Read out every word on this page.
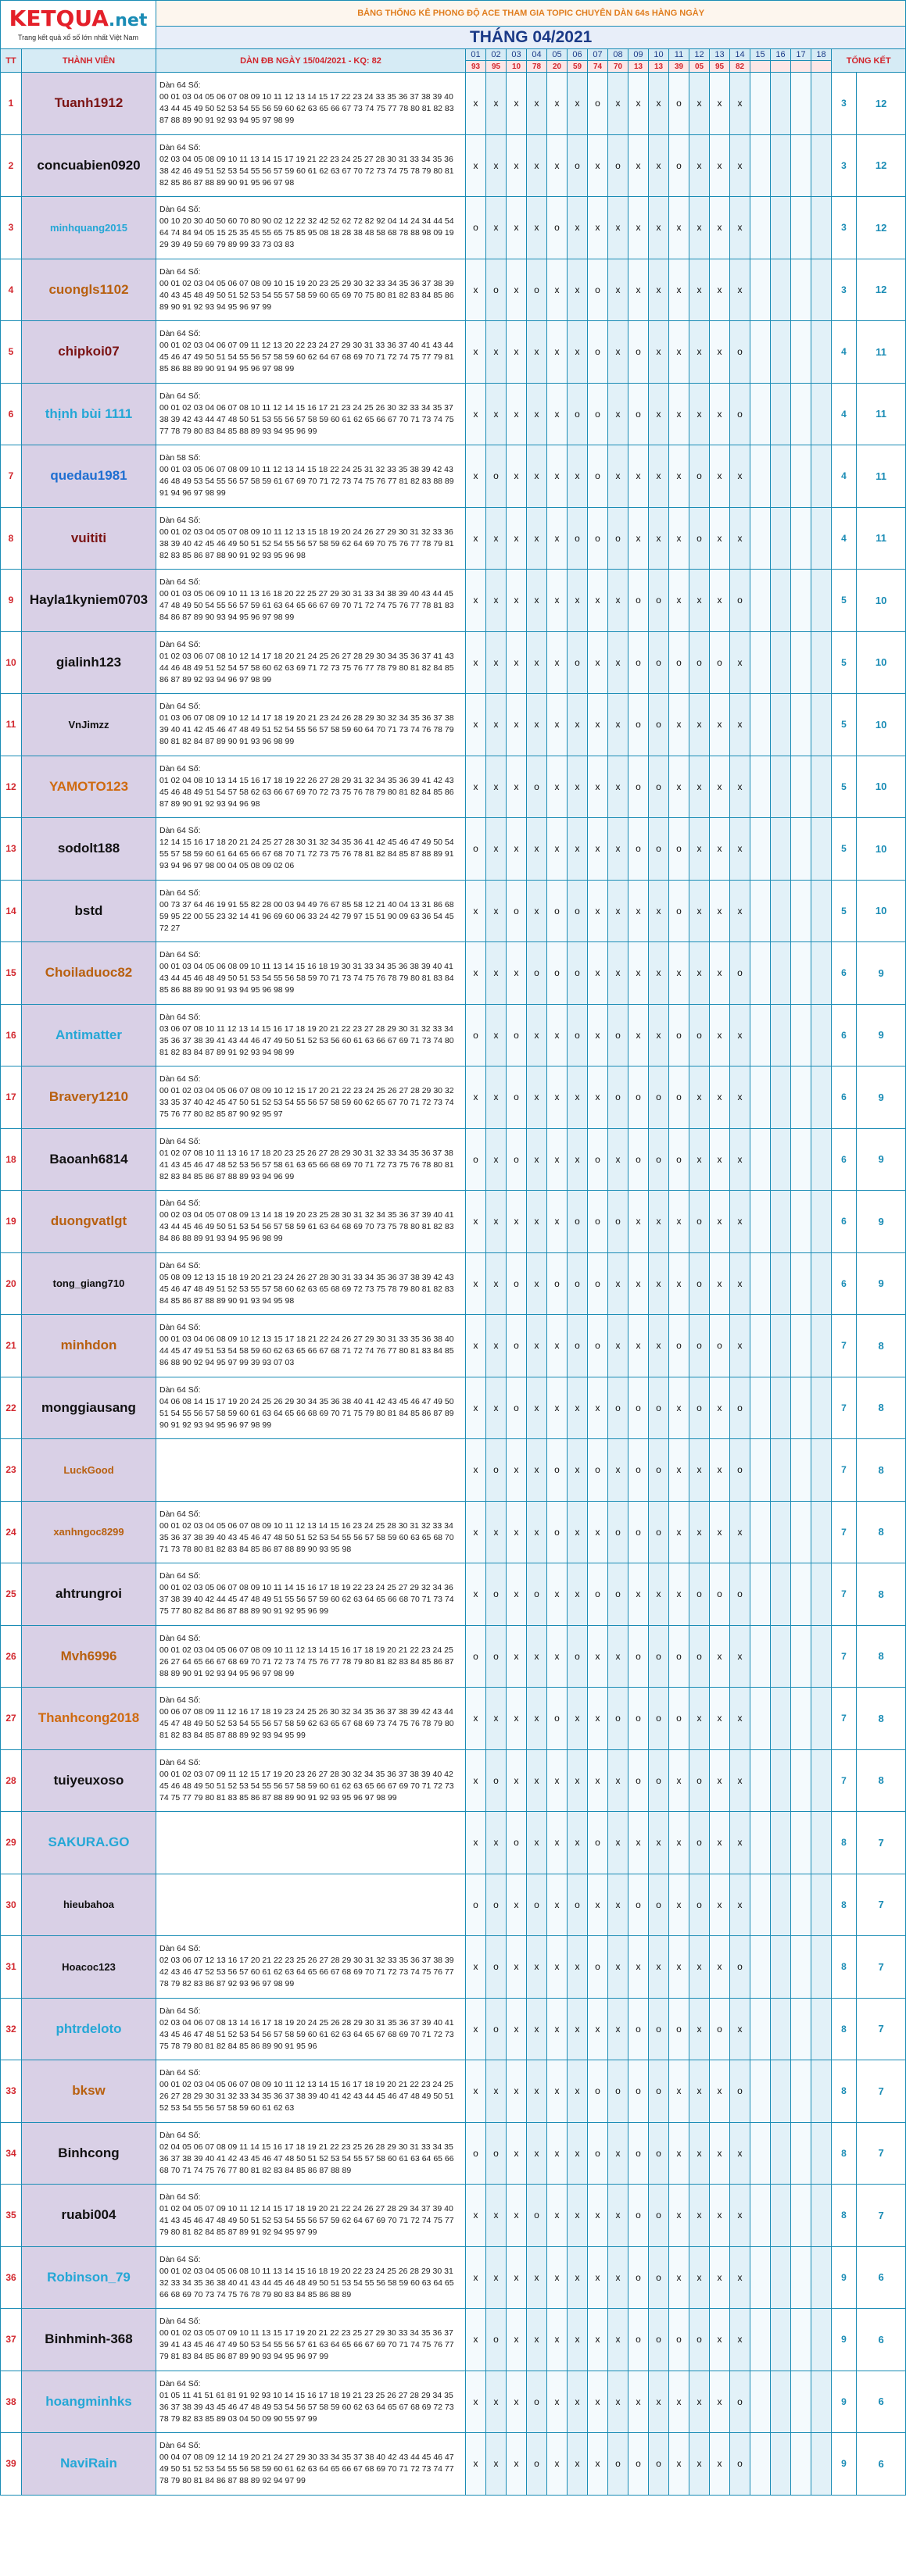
KETQUA.net
Trang kết quả xổ số lớn nhất Việt Nam		BẢNG THỐNG KÊ PHONG ĐỘ ACE THAM GIA TOPIC CHUYÊN DÀN 64s HÀNG NGÀY																				
		THÁNG 04/2021																				
TT	THÀNH VIÊN	DÀN ĐB NGÀY 15/04/2021 - KQ: 82	01	02	03	04	05	06	07	08	09	10	11	12	13	14	15	16	17	18	TỔNG KẾT	
			93	95	10	78	20	59	74	70	13	13	39	05	95	82						
1	Tuanh1912	Dàn 64 Số:
00 01 03 04 05 06 07 08 09 10 11 12 13 14 15 17 22 23 24 33 35 36 37 38 39 40 43 44 45 49 50 52 53 54 55 56 59 60 62 63 65 66 67 73 74 75 77 78 80 81 82 83 87 88 89 90 91 92 93 94 95 97 98 99	x	x	x	x	x	x	o	x	x	x	o	x	x	x					3	12
2	concuabien0920	Dàn 64 Số:
02 03 04 05 08 09 10 11 13 14 15 17 19 21 22 23 24 25 27 28 30 31 33 34 35 36 38 42 46 49 51 52 53 54 55 56 57 59 60 61 62 63 67 70 72 73 74 75 78 79 80 81 82 85 86 87 88 89 90 91 95 96 97 98	x	x	x	x	x	o	x	o	x	x	o	x	x	x					3	12
3	minhquang2015	Dàn 64 Số:
00 10 20 30 40 50 60 70 80 90 02 12 22 32 42 52 62 72 82 92 04 14 24 34 44 54 64 74 84 94 05 15 25 35 45 55 65 75 85 95 08 18 28 38 48 58 68 78 88 98 09 19 29 39 49 59 69 79 89 99 33 73 03 83	o	x	x	x	o	x	x	x	x	x	x	x	x	x					3	12
4	cuongls1102	Dàn 64 Số:
00 01 02 03 04 05 06 07 08 09 10 15 19 20 23 25 29 30 32 33 34 35 36 37 38 39 40 43 45 48 49 50 51 52 53 54 55 57 58 59 60 65 69 70 75 80 81 82 83 84 85 86 89 90 91 92 93 94 95 96 97 99	x	o	x	o	x	x	o	x	x	x	x	x	x	x					3	12
5	chipkoi07	Dàn 64 Số:
00 01 02 03 04 06 07 09 11 12 13 20 22 23 24 27 29 30 31 33 36 37 40 41 43 44 45 46 47 49 50 51 54 55 56 57 58 59 60 62 64 67 68 69 70 71 72 74 75 77 79 81 85 86 88 89 90 91 94 95 96 97 98 99	x	x	x	x	x	x	o	x	o	x	x	x	x	o					4	11
6	thịnh bùi 1111	Dàn 64 Số:
00 01 02 03 04 06 07 08 10 11 12 14 15 16 17 21 23 24 25 26 30 32 33 34 35 37 38 39 42 43 44 47 48 50 51 53 55 56 57 58 59 60 61 62 65 66 67 70 71 73 74 75 77 78 79 80 83 84 85 88 89 93 94 95 96 99	x	x	x	x	x	o	o	x	o	x	x	x	x	o					4	11
7	quedau1981	Dàn 58 Số:
00 01 03 05 06 07 08 09 10 11 12 13 14 15 18 22 24 25 31 32 33 35 38 39 42 43 46 48 49 53 54 55 56 57 58 59 61 67 69 70 71 72 73 74 75 76 77 81 82 83 88 89 91 94 96 97 98 99	x	o	x	x	x	x	o	x	x	x	x	o	x	x					4	11
8	vuititi	Dàn 64 Số:
00 01 02 03 04 05 07 08 09 10 11 12 13 15 18 19 20 24 26 27 29 30 31 32 33 36 38 39 40 42 45 46 49 50 51 52 54 55 56 57 58 59 62 64 69 70 75 76 77 78 79 81 82 83 85 86 87 88 90 91 92 93 95 96 98	x	x	x	x	x	o	o	o	x	x	x	o	x	x					4	11
9	Hayla1kyniem0703	Dàn 64 Số:
00 01 03 05 06 09 10 11 13 16 18 20 22 25 27 29 30 31 33 34 38 39 40 43 44 45 47 48 49 50 54 55 56 57 59 61 63 64 65 66 67 69 70 71 72 74 75 76 77 78 81 83 84 86 87 89 90 93 94 95 96 97 98 99	x	x	x	x	x	x	x	x	o	o	x	x	x	o					5	10
10	gialinh123	Dàn 64 Số:
01 02 03 06 07 08 10 12 14 17 18 20 21 24 25 26 27 28 29 30 34 35 36 37 41 43 44 46 48 49 51 52 54 57 58 60 62 63 69 71 72 73 75 76 77 78 79 80 81 82 84 85 86 87 89 92 93 94 96 97 98 99	x	x	x	x	x	o	x	x	o	o	o	o	o	x					5	10
11	VnJimzz	Dàn 64 Số:
01 03 06 07 08 09 10 12 14 17 18 19 20 21 23 24 26 28 29 30 32 34 35 36 37 38 39 40 41 42 45 46 47 48 49 51 52 54 55 56 57 58 59 60 64 70 71 73 74 76 78 79 80 81 82 84 87 89 90 91 93 96 98 99	x	x	x	x	x	x	x	x	o	o	x	x	x	x					5	10
12	YAMOTO123	Dàn 64 Số:
01 02 04 08 10 13 14 15 16 17 18 19 22 26 27 28 29 31 32 34 35 36 39 41 42 43 45 46 48 49 51 54 57 58 62 63 66 67 69 70 72 73 75 76 78 79 80 81 82 84 85 86 87 89 90 91 92 93 94 96 98	x	x	x	o	x	x	x	x	o	o	x	x	x	x					5	10
13	sodolt188	Dàn 64 Số:
12 14 15 16 17 18 20 21 24 25 27 28 30 31 32 34 35 36 41 42 45 46 47 49 50 54 55 57 58 59 60 61 64 65 66 67 68 70 71 72 73 75 76 78 81 82 84 85 87 88 89 91 93 94 96 97 98 00 04 05 08 09 02 06	o	x	x	x	x	x	x	x	o	o	o	x	x	x					5	10
14	bstd	Dàn 64 Số:
00 73 37 64 46 19 91 55 82 28 00 03 94 49 76 67 85 58 12 21 40 04 13 31 86 68 59 95 22 00 55 23 32 14 41 96 69 60 06 33 24 42 79 97 15 51 90 09 63 36 54 45 72 27	x	x	o	x	o	o	x	x	x	x	o	x	x	x					5	10
15	Choiladuoc82	Dàn 64 Số:
00 01 03 04 05 06 08 09 10 11 13 14 15 16 18 19 30 31 33 34 35 36 38 39 40 41 43 44 45 46 48 49 50 51 53 54 55 56 58 59 70 71 73 74 75 76 78 79 80 81 83 84 85 86 88 89 90 91 93 94 95 96 98 99	x	x	x	o	o	o	x	x	x	x	x	x	x	o					6	9
16	Antimatter	Dàn 64 Số:
03 06 07 08 10 11 12 13 14 15 16 17 18 19 20 21 22 23 27 28 29 30 31 32 33 34 35 36 37 38 39 41 43 44 46 47 49 50 51 52 53 56 60 61 63 66 67 69 71 73 74 80 81 82 83 84 87 89 91 92 93 94 98 99	o	x	o	x	x	o	x	o	x	x	o	o	x	x					6	9
17	Bravery1210	Dàn 64 Số:
00 01 02 03 04 05 06 07 08 09 10 12 15 17 20 21 22 23 24 25 26 27 28 29 30 32 33 35 37 40 42 45 47 50 51 52 53 54 55 56 57 58 59 60 62 65 67 70 71 72 73 74 75 76 77 80 82 85 87 90 92 95 97	x	x	o	x	x	x	x	o	o	o	o	x	x	x					6	9
18	Baoanh6814	Dàn 64 Số:
01 02 07 08 10 11 13 16 17 18 20 23 25 26 27 28 29 30 31 32 33 34 35 36 37 38 41 43 45 46 47 48 52 53 56 57 58 61 63 65 66 68 69 70 71 72 73 75 76 78 80 81 82 83 84 85 86 87 88 89 93 94 96 99	o	x	o	x	x	x	o	x	o	o	o	x	x	x					6	9
19	duongvatlgt	Dàn 64 Số:
00 02 03 04 05 07 08 09 13 14 18 19 20 23 25 28 30 31 32 34 35 36 37 39 40 41 43 44 45 46 49 50 51 53 54 56 57 58 59 61 63 64 68 69 70 73 75 78 80 81 82 83 84 86 88 89 91 93 94 95 96 98 99	x	x	x	x	x	o	o	o	x	x	x	o	x	x					6	9
20	tong_giang710	Dàn 64 Số:
05 08 09 12 13 15 18 19 20 21 23 24 26 27 28 30 31 33 34 35 36 37 38 39 42 43 45 46 47 48 49 51 52 53 55 57 58 60 62 63 65 68 69 72 73 75 78 79 80 81 82 83 84 85 86 87 88 89 90 91 93 94 95 98	x	x	o	x	o	o	o	x	x	x	x	o	x	x					6	9
21	minhdon	Dàn 64 Số:
00 01 03 04 06 08 09 10 12 13 15 17 18 21 22 24 26 27 29 30 31 33 35 36 38 40 44 45 47 49 51 53 54 58 59 60 62 63 65 66 67 68 71 72 74 76 77 80 81 83 84 85 86 88 90 92 94 95 97 99 39 93 07 03	x	x	o	x	x	o	o	x	x	x	o	o	o	x					7	8
22	monggiausang	Dàn 64 Số:
04 06 08 14 15 17 19 20 24 25 26 29 30 34 35 36 38 40 41 42 43 45 46 47 49 50 51 54 55 56 57 58 59 60 61 63 64 65 66 68 69 70 71 75 79 80 81 84 85 86 87 89 90 91 92 93 94 95 96 97 98 99	x	x	o	x	x	x	x	o	o	o	x	o	x	o					7	8
23	LuckGood		x	o	x	x	o	x	o	x	o	o	x	x	x	o					7	8
24	xanhngoc8299	Dàn 64 Số:
00 01 02 03 04 05 06 07 08 09 10 11 12 13 14 15 16 23 24 25 28 30 31 32 33 34 35 36 37 38 39 40 43 45 46 47 48 50 51 52 53 54 55 56 57 58 59 60 63 65 68 70 71 73 78 80 81 82 83 84 85 86 87 88 89 90 93 95 98	x	x	x	x	o	x	x	o	o	o	x	x	x	x					7	8
25	ahtrungroi	Dàn 64 Số:
00 01 02 03 05 06 07 08 09 10 11 14 15 16 17 18 19 22 23 24 25 27 29 32 34 36 37 38 39 40 42 44 45 47 48 49 51 55 56 57 59 60 62 63 64 65 66 68 70 71 73 74 75 77 80 82 84 86 87 88 89 90 91 92 95 96 99	x	o	x	o	x	x	o	o	x	x	x	o	o	o					7	8
26	Mvh6996	Dàn 64 Số:
00 01 02 03 04 05 06 07 08 09 10 11 12 13 14 15 16 17 18 19 20 21 22 23 24 25 26 27 64 65 66 67 68 69 70 71 72 73 74 75 76 77 78 79 80 81 82 83 84 85 86 87 88 89 90 91 92 93 94 95 96 97 98 99	o	o	x	x	x	o	x	x	o	o	o	o	x	x					7	8
27	Thanhcong2018	Dàn 64 Số:
00 06 07 08 09 11 12 16 17 18 19 23 24 25 26 30 32 34 35 36 37 38 39 42 43 44 45 47 48 49 50 52 53 54 55 56 57 58 59 62 63 65 67 68 69 73 74 75 76 78 79 80 81 82 83 84 85 87 88 89 92 93 94 95 99	x	x	x	x	o	x	x	o	o	o	o	x	x	x					7	8
28	tuiyeuxoso	Dàn 64 Số:
00 01 02 03 07 09 11 12 15 17 19 20 23 26 27 28 30 32 34 35 36 37 38 39 40 42 45 46 48 49 50 51 52 53 54 55 56 57 58 59 60 61 62 63 65 66 67 69 70 71 72 73 74 75 77 79 80 81 83 85 86 87 88 89 90 91 92 93 95 96 97 98 99	x	o	x	x	x	x	x	x	o	o	x	o	x	x					7	8
29	SAKURA.GO		x	x	o	x	x	x	o	x	x	x	x	o	x	x					8	7
30	hieubahoa		o	o	x	o	x	o	x	x	o	o	x	o	x	x					8	7
31	Hoacoc123	Dàn 64 Số:
02 03 06 07 12 13 16 17 20 21 22 23 25 26 27 28 29 30 31 32 33 35 36 37 38 39 42 43 46 47 52 53 56 57 60 61 62 63 64 65 66 67 68 69 70 71 72 73 74 75 76 77 78 79 82 83 86 87 92 93 96 97 98 99	x	o	x	x	x	x	o	x	x	x	x	x	x	o					8	7
32	phtrdeloto	Dàn 64 Số:
02 03 04 06 07 08 13 14 16 17 18 19 20 24 25 26 28 29 30 31 35 36 37 39 40 41 43 45 46 47 48 51 52 53 54 56 57 58 59 60 61 62 63 64 65 67 68 69 70 71 72 73 75 78 79 80 81 82 84 85 86 89 90 91 95 96	x	o	x	x	x	x	x	x	o	o	o	x	o	x					8	7
33	bksw	Dàn 64 Số:
00 01 02 03 04 05 06 07 08 09 10 11 12 13 14 15 16 17 18 19 20 21 22 23 24 25 26 27 28 29 30 31 32 33 34 35 36 37 38 39 40 41 42 43 44 45 46 47 48 49 50 51 52 53 54 55 56 57 58 59 60 61 62 63	x	x	x	x	x	x	o	o	o	o	x	x	x	o					8	7
34	Binhcong	Dàn 64 Số:
02 04 05 06 07 08 09 11 14 15 16 17 18 19 21 22 23 25 26 28 29 30 31 33 34 35 36 37 38 39 40 41 42 43 45 46 47 48 50 51 52 53 54 55 57 58 60 61 63 64 65 66 68 70 71 74 75 76 77 80 81 82 83 84 85 86 87 88 89	o	o	x	x	x	x	o	x	o	o	x	x	x	x					8	7
35	ruabi004	Dàn 64 Số:
01 02 04 05 07 09 10 11 12 14 15 17 18 19 20 21 22 24 26 27 28 29 34 37 39 40 41 43 45 46 47 48 49 50 51 52 53 54 55 56 57 59 62 64 67 69 70 71 72 74 75 77 79 80 81 82 84 85 87 89 91 92 94 95 97 99	x	x	x	o	x	x	x	x	o	o	x	x	x	x					8	7
36	Robinson_79	Dàn 64 Số:
00 01 02 03 04 05 06 08 10 11 13 14 15 16 18 19 20 22 23 24 25 26 28 29 30 31 32 33 34 35 36 38 40 41 43 44 45 46 48 49 50 51 53 54 55 56 58 59 60 63 64 65 66 68 69 70 73 74 75 76 78 79 80 83 84 85 86 88 89	x	x	x	x	x	x	x	x	o	o	x	x	x	x					9	6
37	Binhminh-368	Dàn 64 Số:
00 01 02 03 05 07 09 10 11 13 15 17 19 20 21 22 23 25 27 29 30 33 34 35 36 37 39 41 43 45 46 47 49 50 53 54 55 56 57 61 63 64 65 66 67 69 70 71 74 75 76 77 79 81 83 84 85 86 87 89 90 93 94 95 96 97 99	x	o	x	x	x	x	x	x	o	o	o	o	x	x					9	6
38	hoangminhks	Dàn 64 Số:
01 05 11 41 51 61 81 91 92 93 10 14 15 16 17 18 19 21 23 25 26 27 28 29 34 35 36 37 38 39 43 45 46 47 48 49 53 54 56 57 58 59 60 62 63 64 65 67 68 69 72 73 78 79 82 83 85 89 03 04 50 09 90 55 97 99	x	x	x	o	x	x	x	x	x	x	x	x	x	o					9	6
39	NaviRain	Dàn 64 Số:
00 04 07 08 09 12 14 19 20 21 24 27 29 30 33 34 35 37 38 40 42 43 44 45 46 47 49 50 51 52 53 54 55 56 58 59 60 61 62 63 64 65 66 67 68 69 70 71 72 73 74 77 78 79 80 81 84 86 87 88 89 92 94 97 99	x	x	x	o	x	x	x	o	o	o	x	x	x	o					9	6
